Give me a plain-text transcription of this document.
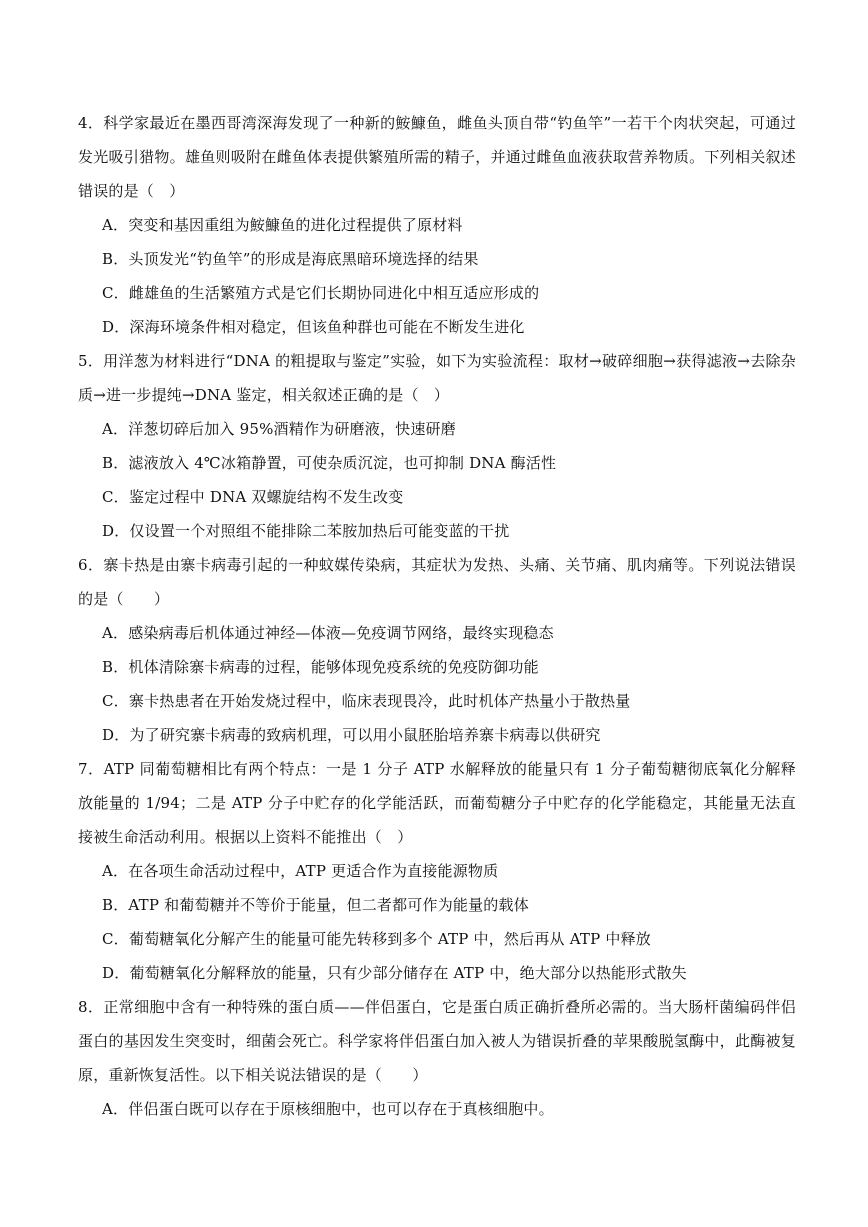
4．科学家最近在墨西哥湾深海发现了一种新的鮟鱇鱼，雌鱼头顶自带“钓鱼竿”一若干个肉状突起，可通过发光吸引猎物。雄鱼则吸附在雌鱼体表提供繁殖所需的精子，并通过雌鱼血液获取营养物质。下列相关叙述错误的是（　）

A．突变和基因重组为鮟鱇鱼的进化过程提供了原材料

B．头顶发光“钓鱼竿”的形成是海底黑暗环境选择的结果

C．雌雄鱼的生活繁殖方式是它们长期协同进化中相互适应形成的

D．深海环境条件相对稳定，但该鱼种群也可能在不断发生进化

5．用洋葱为材料进行“DNA 的粗提取与鉴定”实验，如下为实验流程：取材→破碎细胞→获得滤液→去除杂质→进一步提纯→DNA 鉴定，相关叙述正确的是（　）

A．洋葱切碎后加入 95%酒精作为研磨液，快速研磨

B．滤液放入 4℃冰箱静置，可使杂质沉淀，也可抑制 DNA 酶活性

C．鉴定过程中 DNA 双螺旋结构不发生改变

D．仅设置一个对照组不能排除二苯胺加热后可能变蓝的干扰

6．寨卡热是由寨卡病毒引起的一种蚊媒传染病，其症状为发热、头痛、关节痛、肌肉痛等。下列说法错误的是（　　）

A．感染病毒后机体通过神经—体液—免疫调节网络，最终实现稳态

B．机体清除寨卡病毒的过程，能够体现免疫系统的免疫防御功能

C．寨卡热患者在开始发烧过程中，临床表现畏冷，此时机体产热量小于散热量

D．为了研究寨卡病毒的致病机理，可以用小鼠胚胎培养寨卡病毒以供研究

7．ATP 同葡萄糖相比有两个特点：一是 1 分子 ATP 水解释放的能量只有 1 分子葡萄糖彻底氧化分解释放能量的 1/94；二是 ATP 分子中贮存的化学能活跃，而葡萄糖分子中贮存的化学能稳定，其能量无法直接被生命活动利用。根据以上资料不能推出（　）

A．在各项生命活动过程中，ATP 更适合作为直接能源物质

B．ATP 和葡萄糖并不等价于能量，但二者都可作为能量的载体

C．葡萄糖氧化分解产生的能量可能先转移到多个 ATP 中，然后再从 ATP 中释放

D．葡萄糖氧化分解释放的能量，只有少部分储存在 ATP 中，绝大部分以热能形式散失

8．正常细胞中含有一种特殊的蛋白质——伴侣蛋白，它是蛋白质正确折叠所必需的。当大肠杆菌编码伴侣蛋白的基因发生突变时，细菌会死亡。科学家将伴侣蛋白加入被人为错误折叠的苹果酸脱氢酶中，此酶被复原，重新恢复活性。以下相关说法错误的是（　　）

A．伴侣蛋白既可以存在于原核细胞中，也可以存在于真核细胞中。
